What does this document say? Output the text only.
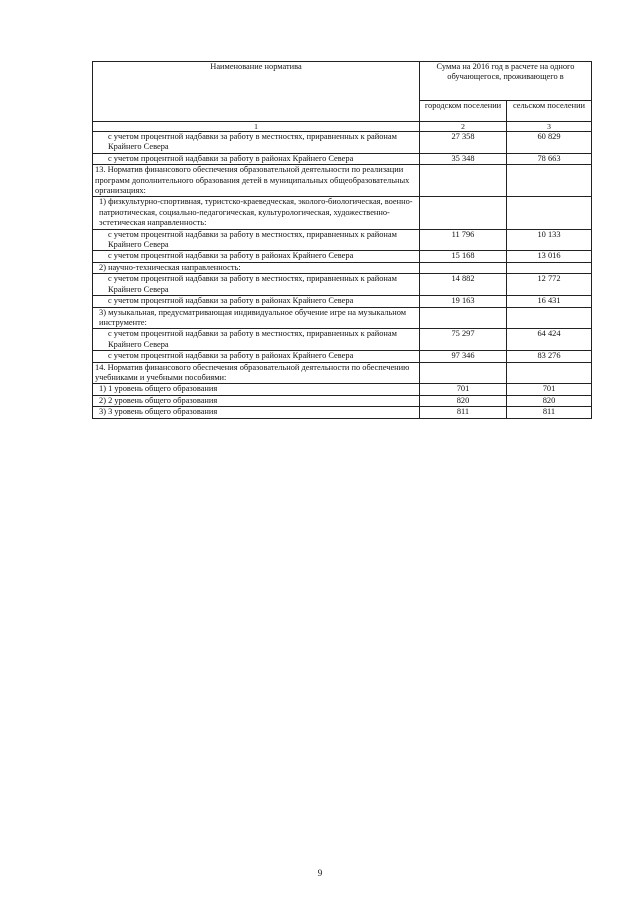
Наименование норматива	Сумма на 2016 год в расчете на одного обучающегося, проживающего в	
	городском поселении	сельском поселении
1	2	3
с учетом процентной надбавки за работу в местностях, приравненных к районам Крайнего Севера	27 358	60 829
с учетом процентной надбавки за работу в районах Крайнего Севера	35 348	78 663
13. Норматив финансового обеспечения образовательной деятельности по реализации программ дополнительного образования детей в муниципальных общеобразовательных организациях:		
1) физкультурно-спортивная, туристско-краеведческая, эколого-биологическая, военно-патриотическая, социально-педагогическая, культурологическая, художественно-эстетическая направленность:		
с учетом процентной надбавки за работу в местностях, приравненных к районам Крайнего Севера	11 796	10 133
с учетом процентной надбавки за работу в районах Крайнего Севера	15 168	13 016
2) научно-техническая направленность:		
с учетом процентной надбавки за работу в местностях, приравненных к районам Крайнего Севера	14 882	12 772
с учетом процентной надбавки за работу в районах Крайнего Севера	19 163	16 431
3) музыкальная, предусматривающая индивидуальное обучение игре на музыкальном инструменте:		
с учетом процентной надбавки за работу в местностях, приравненных к районам Крайнего Севера	75 297	64 424
с учетом процентной надбавки за работу в районах Крайнего Севера	97 346	83 276
14. Норматив финансового обеспечения образовательной деятельности по обеспечению учебниками и учебными пособиями:		
1) 1 уровень общего образования	701	701
2) 2 уровень общего образования	820	820
3) 3 уровень общего образования	811	811
9
